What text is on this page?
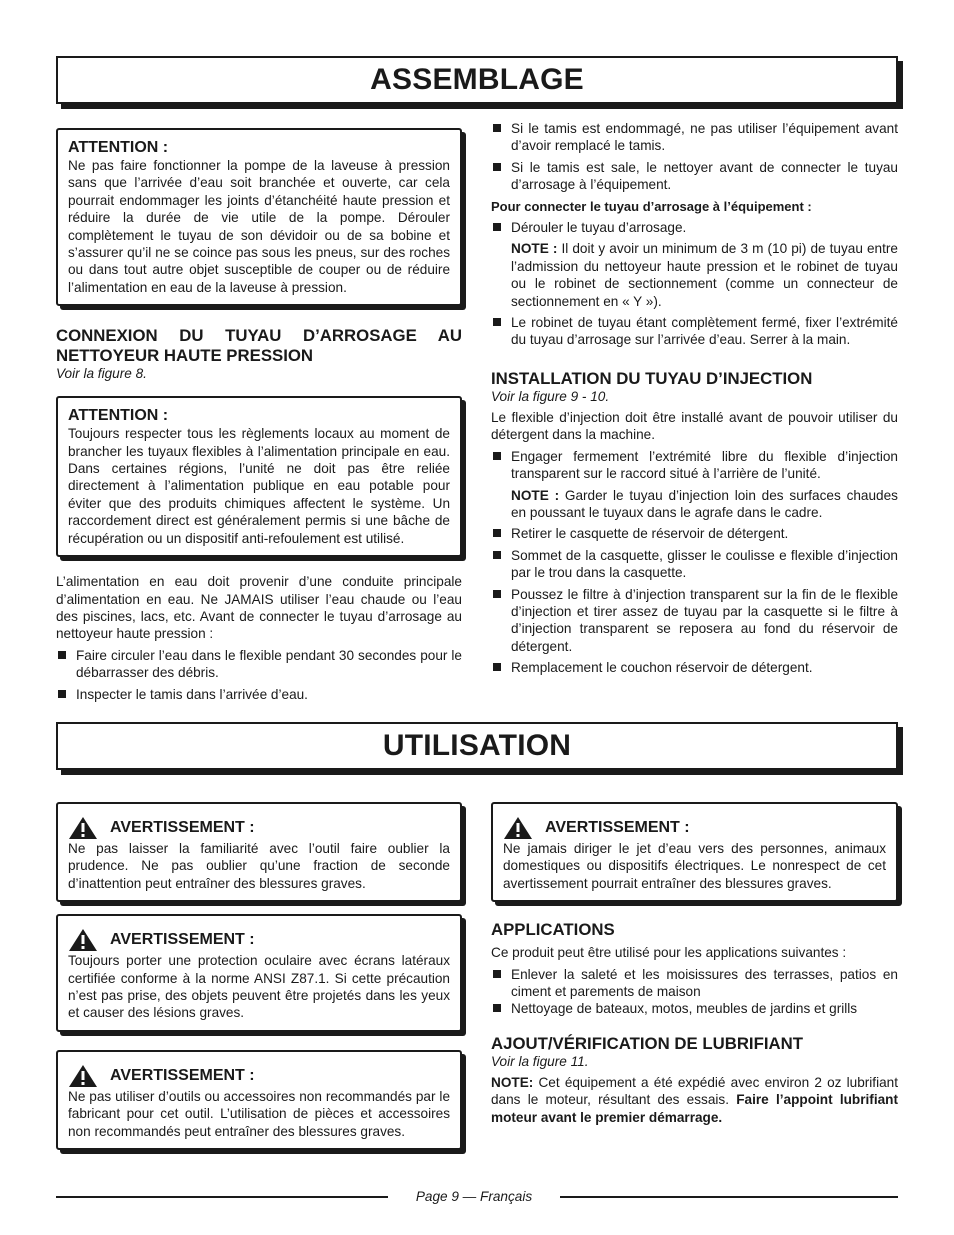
ASSEMBLAGE
ATTENTION :
Ne pas faire fonctionner la pompe de la laveuse à pression sans que l’arrivée d’eau soit branchée et ouverte, car cela pourrait endommager les joints d’étanchéité haute pression et réduire la durée de vie utile de la pompe. Dérouler complètement le tuyau de son dévidoir ou de sa bobine et s’assurer qu’il ne se coince pas sous les pneus, sur des roches ou dans tout autre objet susceptible de couper ou de réduire l’alimentation en eau de la laveuse à pression.
CONNEXION DU TUYAU D’ARROSAGE AU NETTOYEUR HAUTE PRESSION
Voir la figure 8.
ATTENTION :
Toujours respecter tous les règlements locaux au moment de brancher les tuyaux flexibles à l’alimentation principale en eau. Dans certaines régions, l’unité ne doit pas être reliée directement à l’alimentation publique en eau potable pour éviter que des produits chimiques affectent le système. Un raccordement direct est généralement permis si une bâche de récupération ou un dispositif anti-refoulement est utilisé.

L’alimentation en eau doit provenir d’une conduite principale d’alimentation en eau. Ne JAMAIS utiliser l’eau chaude ou l’eau des piscines, lacs, etc. Avant de connecter le tuyau d’arrosage au nettoyeur haute pression :

Faire circuler l’eau dans le flexible pendant 30 secondes pour le débarrasser des débris.
Inspecter le tamis dans l’arrivée d’eau.
Si le tamis est endommagé, ne pas utiliser l’équipement avant d’avoir remplacé le tamis.
Si le tamis est sale, le nettoyer avant de connecter le tuyau d’arrosage à l’équipement.
Pour connecter le tuyau d’arrosage à l’équipement :
Dérouler le tuyau d’arrosage.
NOTE : Il doit y avoir un minimum de 3 m (10 pi) de tuyau entre l’admission du nettoyeur haute pression et le robinet de tuyau ou le robinet de sectionnement (comme un connecteur de sectionnement en « Y »).
Le robinet de tuyau étant complètement fermé, fixer l’extrémité du tuyau d’arrosage sur l’arrivée d’eau. Serrer à la main.
INSTALLATION DU TUYAU D’INJECTION
Voir la figure 9 - 10.

Le flexible d’injection doit être installé avant de pouvoir utiliser du détergent dans la machine.

Engager fermement l’extrémité libre du flexible d’injection transparent sur le raccord situé à l’arrière de l’unité.
NOTE : Garder le tuyau d’injection loin des surfaces chaudes en poussant le tuyaux dans le agrafe dans le cadre.
Retirer le casquette de réservoir de détergent.
Sommet de la casquette, glisser le coulisse e flexible d’injection par le trou dans la casquette.
Poussez le filtre à d’injection transparent sur la fin de le flexible d’injection et tirer assez de tuyau par la casquette si le filtre à d’injection transparent se reposera au fond du réservoir de détergent.
Remplacement le couchon réservoir de détergent.
UTILISATION
AVERTISSEMENT :
Ne pas laisser la familiarité avec l’outil faire oublier la prudence. Ne pas oublier qu’une fraction de seconde d’inattention peut entraîner des blessures graves.
AVERTISSEMENT :
Toujours porter une protection oculaire avec écrans latéraux certifiée conforme à la norme ANSI Z87.1. Si cette précaution n’est pas prise, des objets peuvent être projetés dans les yeux et causer des lésions graves.
AVERTISSEMENT :
Ne pas utiliser d’outils ou accessoires non recommandés par le fabricant pour cet outil. L’utilisation de pièces et accessoires non recommandés peut entraîner des blessures graves.
AVERTISSEMENT :
Ne jamais diriger le jet d’eau vers des personnes, animaux domestiques ou dispositifs électriques. Le nonrespect de cet avertissement pourrait entraîner des blessures graves.
APPLICATIONS

Ce produit peut être utilisé pour les applications suivantes :

Enlever la saleté et les moisissures des terrasses, patios en ciment et parements de maison
Nettoyage de bateaux, motos, meubles de jardins et grills
AJOUT/VÉRIFICATION DE LUBRIFIANT
Voir la figure 11.

NOTE: Cet équipement a été expédié avec environ 2 oz lubrifiant dans le moteur, résultant des essais. Faire l’appoint lubrifiant moteur avant le premier démarrage.

Page 9 — Français
